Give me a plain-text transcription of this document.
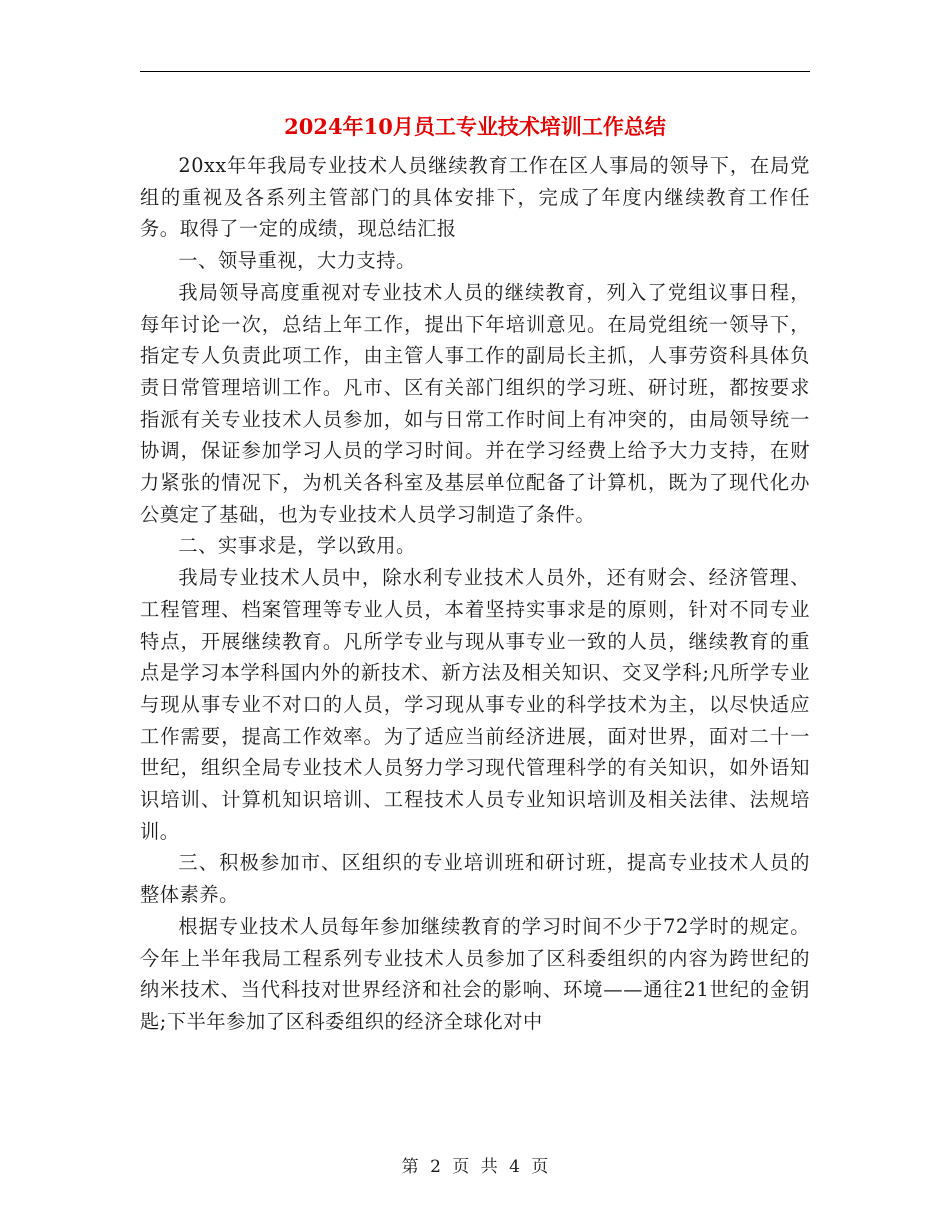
2024年10月员工专业技术培训工作总结

20xx年年我局专业技术人员继续教育工作在区人事局的领导下，在局党组的重视及各系列主管部门的具体安排下，完成了年度内继续教育工作任务。取得了一定的成绩，现总结汇报

一、领导重视，大力支持。

我局领导高度重视对专业技术人员的继续教育，列入了党组议事日程，每年讨论一次，总结上年工作，提出下年培训意见。在局党组统一领导下，指定专人负责此项工作，由主管人事工作的副局长主抓，人事劳资科具体负责日常管理培训工作。凡市、区有关部门组织的学习班、研讨班，都按要求指派有关专业技术人员参加，如与日常工作时间上有冲突的，由局领导统一协调，保证参加学习人员的学习时间。并在学习经费上给予大力支持，在财力紧张的情况下，为机关各科室及基层单位配备了计算机，既为了现代化办公奠定了基础，也为专业技术人员学习制造了条件。

二、实事求是，学以致用。

我局专业技术人员中，除水利专业技术人员外，还有财会、经济管理、工程管理、档案管理等专业人员，本着坚持实事求是的原则，针对不同专业特点，开展继续教育。凡所学专业与现从事专业一致的人员，继续教育的重点是学习本学科国内外的新技术、新方法及相关知识、交叉学科;凡所学专业与现从事专业不对口的人员，学习现从事专业的科学技术为主，以尽快适应工作需要，提高工作效率。为了适应当前经济进展，面对世界，面对二十一世纪，组织全局专业技术人员努力学习现代管理科学的有关知识，如外语知识培训、计算机知识培训、工程技术人员专业知识培训及相关法律、法规培训。

三、积极参加市、区组织的专业培训班和研讨班，提高专业技术人员的整体素养。

根据专业技术人员每年参加继续教育的学习时间不少于72学时的规定。今年上半年我局工程系列专业技术人员参加了区科委组织的内容为跨世纪的纳米技术、当代科技对世界经济和社会的影响、环境——通往21世纪的金钥匙;下半年参加了区科委组织的经济全球化对中

第 2 页 共 4 页
